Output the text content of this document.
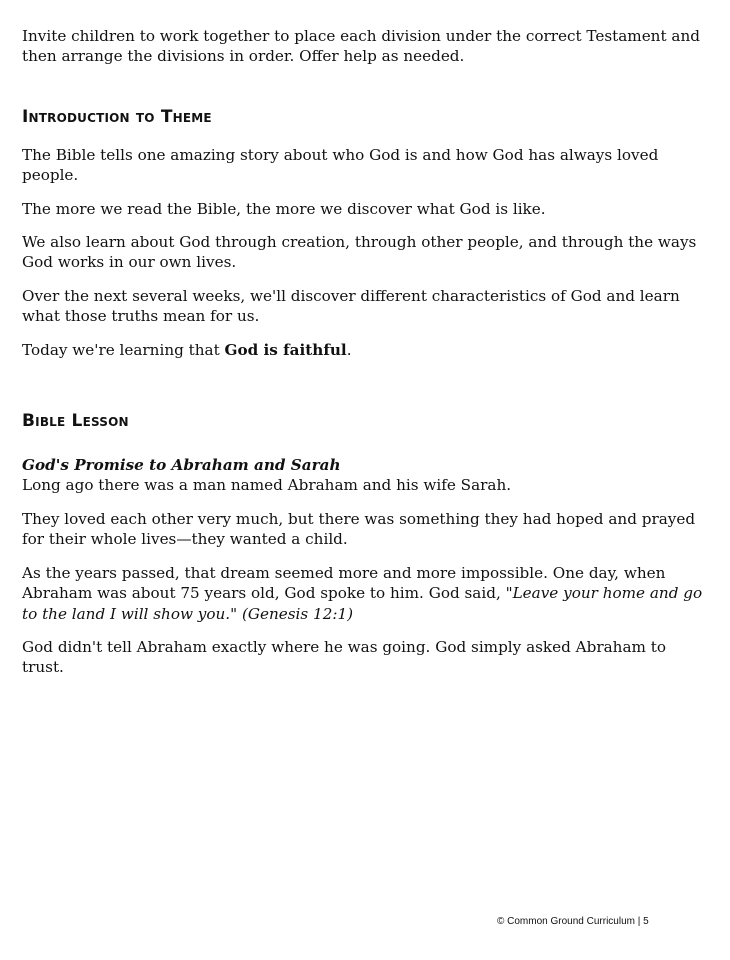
Invite children to work together to place each division under the correct Testament and then arrange the divisions in order. Offer help as needed.

Introduction to Theme

The Bible tells one amazing story about who God is and how God has always loved people.

The more we read the Bible, the more we discover what God is like.

We also learn about God through creation, through other people, and through the ways God works in our own lives.

Over the next several weeks, we'll discover different characteristics of God and learn what those truths mean for us.

Today we're learning that God is faithful.

Bible Lesson

God's Promise to Abraham and Sarah

Long ago there was a man named Abraham and his wife Sarah.

They loved each other very much, but there was something they had hoped and prayed for their whole lives—they wanted a child.

As the years passed, that dream seemed more and more impossible. One day, when Abraham was about 75 years old, God spoke to him. God said, "Leave your home and go to the land I will show you." (Genesis 12:1)

God didn't tell Abraham exactly where he was going. God simply asked Abraham to trust.

© Common Ground Curriculum | 5
